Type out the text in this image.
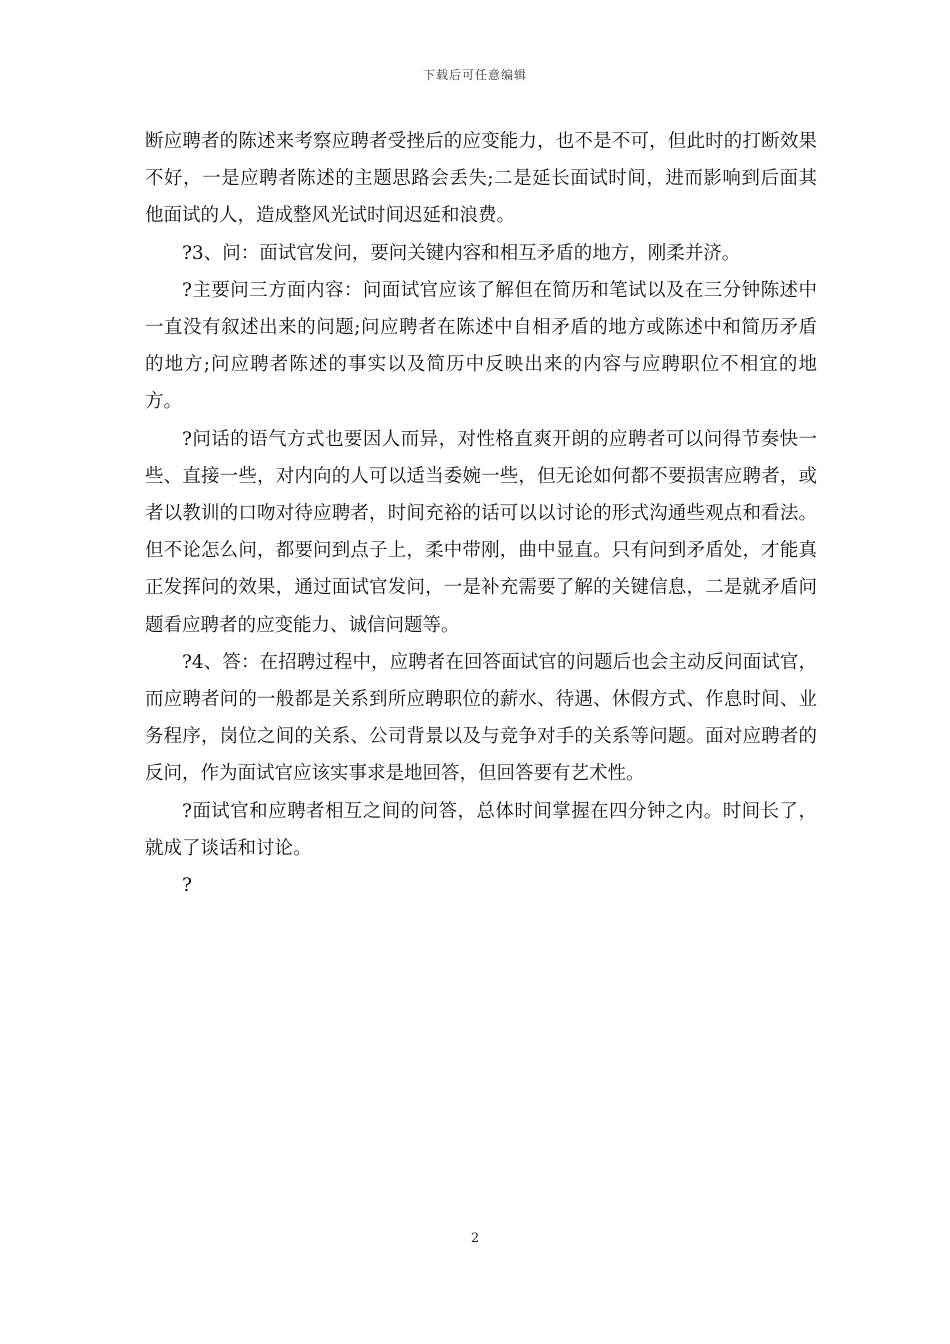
下载后可任意编辑

断应聘者的陈述来考察应聘者受挫后的应变能力，也不是不可，但此时的打断效果不好，一是应聘者陈述的主题思路会丢失;二是延长面试时间，进而影响到后面其他面试的人，造成整风光试时间迟延和浪费。

?3、问：面试官发问，要问关键内容和相互矛盾的地方，刚柔并济。

?主要问三方面内容：问面试官应该了解但在简历和笔试以及在三分钟陈述中一直没有叙述出来的问题;问应聘者在陈述中自相矛盾的地方或陈述中和简历矛盾的地方;问应聘者陈述的事实以及简历中反映出来的内容与应聘职位不相宜的地方。

?问话的语气方式也要因人而异，对性格直爽开朗的应聘者可以问得节奏快一些、直接一些，对内向的人可以适当委婉一些，但无论如何都不要损害应聘者，或者以教训的口吻对待应聘者，时间充裕的话可以以讨论的形式沟通些观点和看法。但不论怎么问，都要问到点子上，柔中带刚，曲中显直。只有问到矛盾处，才能真正发挥问的效果，通过面试官发问，一是补充需要了解的关键信息，二是就矛盾问题看应聘者的应变能力、诚信问题等。

?4、答：在招聘过程中，应聘者在回答面试官的问题后也会主动反问面试官，而应聘者问的一般都是关系到所应聘职位的薪水、待遇、休假方式、作息时间、业务程序，岗位之间的关系、公司背景以及与竞争对手的关系等问题。面对应聘者的反问，作为面试官应该实事求是地回答，但回答要有艺术性。

?面试官和应聘者相互之间的问答，总体时间掌握在四分钟之内。时间长了，就成了谈话和讨论。

?

2
